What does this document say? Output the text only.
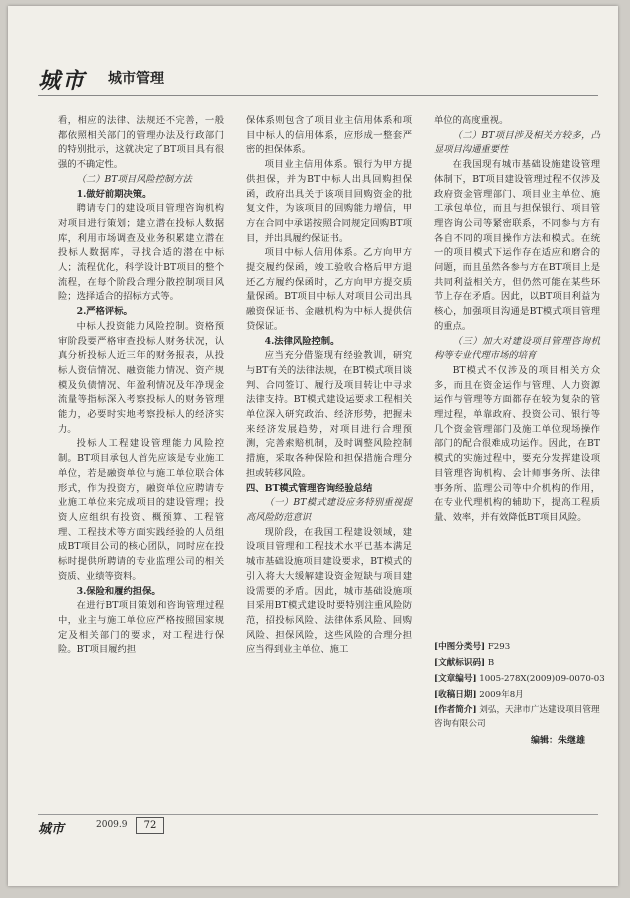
城市 城市管理

看，相应的法律、法规还不完善，一般都依照相关部门的管理办法及行政部门的特别批示，这就决定了BT项目具有很强的不确定性。

（二）BT项目风险控制方法

1.做好前期决策。

聘请专门的建设项目管理咨询机构对项目进行策划；建立潜在投标人数据库，利用市场调查及业务积累建立潜在投标人数据库，寻找合适的潜在中标人；流程优化，科学设计BT项目的整个流程，在每个阶段合理分散控制项目风险；选择适合的招标方式等。

2.严格评标。

中标人投资能力风险控制。资格预审阶段要严格审查投标人财务状况，认真分析投标人近三年的财务报表，从投标人资信情况、融资能力情况、资产规模及负债情况、年盈利情况及年净现金流量等指标深入考察投标人的财务管理能力，必要时实地考察投标人的经济实力。

投标人工程建设管理能力风险控制。BT项目承包人首先应该是专业施工单位，若是融资单位与施工单位联合体形式，作为投资方，融资单位应聘请专业施工单位来完成项目的建设管理；投资人应组织有投资、概预算、工程管理、工程技术等方面实践经验的人员组成BT项目公司的核心团队，同时应在投标时提供所聘请的专业监理公司的相关资质、业绩等资料。

3.保险和履约担保。

在进行BT项目策划和咨询管理过程中，业主与施工单位应严格按照国家规定及相关部门的要求，对工程进行保险。BT项目履约担

保体系则包含了项目业主信用体系和项目中标人的信用体系，应形成一整套严密的担保体系。

项目业主信用体系。银行为甲方提供担保，并为BT中标人出具回购担保函，政府出具关于该项目回购资金的批复文件，为该项目的回购能力增信，甲方在合同中承诺按照合同规定回购BT项目，并出具履约保证书。

项目中标人信用体系。乙方向甲方提交履约保函，竣工验收合格后甲方退还乙方履约保函时，乙方向甲方提交质量保函。BT项目中标人对项目公司出具融资保证书、金融机构为中标人提供信贷保证。

4.法律风险控制。

应当充分借鉴现有经验教训，研究与BT有关的法律法规，在BT模式项目谈判、合同签订、履行及项目转让中寻求法律支持。BT模式建设运要求工程相关单位深入研究政治、经济形势，把握未来经济发展趋势，对项目进行合理预测，完善索赔机制，及时调整风险控制措施，采取各种保险和担保措施合理分担或转移风险。

四、BT模式管理咨询经验总结

（一）BT模式建设应务特别重视提高风险防范意识

现阶段，在我国工程建设领域，建设项目管理和工程技术水平已基本满足城市基础设施项目建设要求，BT模式的引入将大大缓解建设资金短缺与项目建设需要的矛盾。因此，城市基础设施项目采用BT模式建设时要特别注重风险防范，招投标风险、法律体系风险、回购风险、担保风险，这些风险的合理分担应当得到业主单位、施工

单位的高度重视。

（二）BT项目涉及相关方较多，凸显项目沟通重要性

在我国现有城市基础设施建设管理体制下，BT项目建设管理过程不仅涉及政府资金管理部门、项目业主单位、施工承包单位，而且与担保银行、项目管理咨询公司等紧密联系，不同参与方有各自不同的项目操作方法和模式。在统一的项目模式下运作存在适应和磨合的问题，而且虽然各参与方在BT项目上是共同利益相关方，但仍然可能在某些环节上存在矛盾。因此，以BT项目利益为核心，加强项目沟通是BT模式项目管理的重点。

（三）加大对建设项目管理咨询机构等专业代理市场的培育

BT模式不仅涉及的项目相关方众多，而且在资金运作与管理、人力资源运作与管理等方面都存在较为复杂的管理过程，单靠政府、投资公司、银行等几个资金管理部门及施工单位现场操作部门的配合很难成功运作。因此，在BT模式的实施过程中，要充分发挥建设项目管理咨询机构、会计师事务所、法律事务所、监理公司等中介机构的作用，在专业代理机构的辅助下，提高工程质量、效率，并有效降低BT项目风险。

[中图分类号] F293
[文献标识码] B
[文章编号] 1005-278X(2009)09-0070-03
[收稿日期] 2009年8月
[作者简介] 刘弘，天津市广达建设项目管理咨询有限公司
编辑：朱继雄
城市	2009.9	72
